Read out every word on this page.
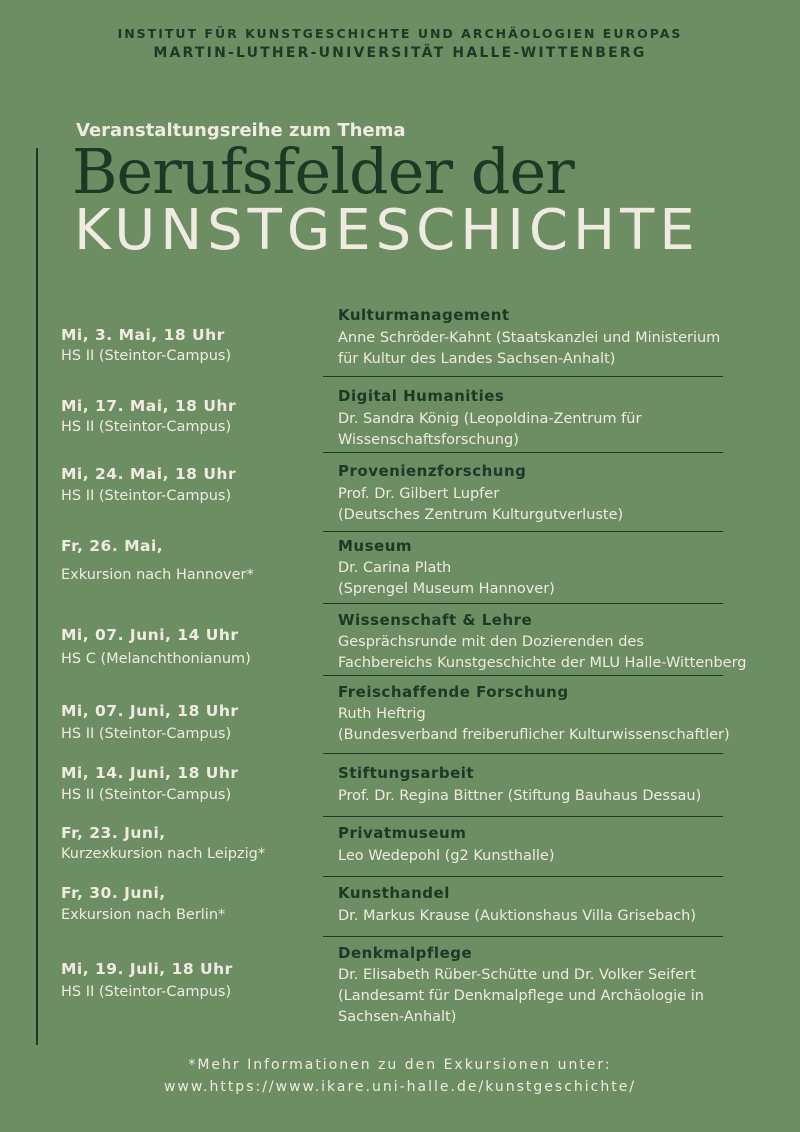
INSTITUT FÜR KUNSTGESCHICHTE UND ARCHÄOLOGIEN EUROPAS
MARTIN-LUTHER-UNIVERSITÄT HALLE-WITTENBERG
Veranstaltungsreihe zum Thema
Berufsfelder der
KUNSTGESCHICHTE
Mi, 3. Mai, 18 Uhr
HS II (Steintor-Campus)
Kulturmanagement
Anne Schröder-Kahnt (Staatskanzlei und Ministerium
für Kultur des Landes Sachsen-Anhalt)
Mi, 17. Mai, 18 Uhr
HS II (Steintor-Campus)
Digital Humanities
Dr. Sandra König (Leopoldina-Zentrum für
Wissenschaftsforschung)
Mi, 24. Mai, 18 Uhr
HS II (Steintor-Campus)
Provenienzforschung
Prof. Dr. Gilbert Lupfer
(Deutsches Zentrum Kulturgutverluste)
Fr, 26. Mai,
Exkursion nach Hannover*
Museum
Dr. Carina Plath
(Sprengel Museum Hannover)
Mi, 07. Juni, 14 Uhr
HS C (Melanchthonianum)
Wissenschaft & Lehre
Gesprächsrunde mit den Dozierenden des
Fachbereichs Kunstgeschichte der MLU Halle-Wittenberg
Mi, 07. Juni, 18 Uhr
HS II (Steintor-Campus)
Freischaffende Forschung
Ruth Heftrig
(Bundesverband freiberuflicher Kulturwissenschaftler)
Mi, 14. Juni, 18 Uhr
HS II (Steintor-Campus)
Stiftungsarbeit
Prof. Dr. Regina Bittner (Stiftung Bauhaus Dessau)
Fr, 23. Juni,
Kurzexkursion nach Leipzig*
Privatmuseum
Leo Wedepohl (g2 Kunsthalle)
Fr, 30. Juni,
Exkursion nach Berlin*
Kunsthandel
Dr. Markus Krause (Auktionshaus Villa Grisebach)
Mi, 19. Juli, 18 Uhr
HS II (Steintor-Campus)
Denkmalpflege
Dr. Elisabeth Rüber-Schütte und Dr. Volker Seifert
(Landesamt für Denkmalpflege und Archäologie in
Sachsen-Anhalt)
*Mehr Informationen zu den Exkursionen unter:
www.https://www.ikare.uni-halle.de/kunstgeschichte/
